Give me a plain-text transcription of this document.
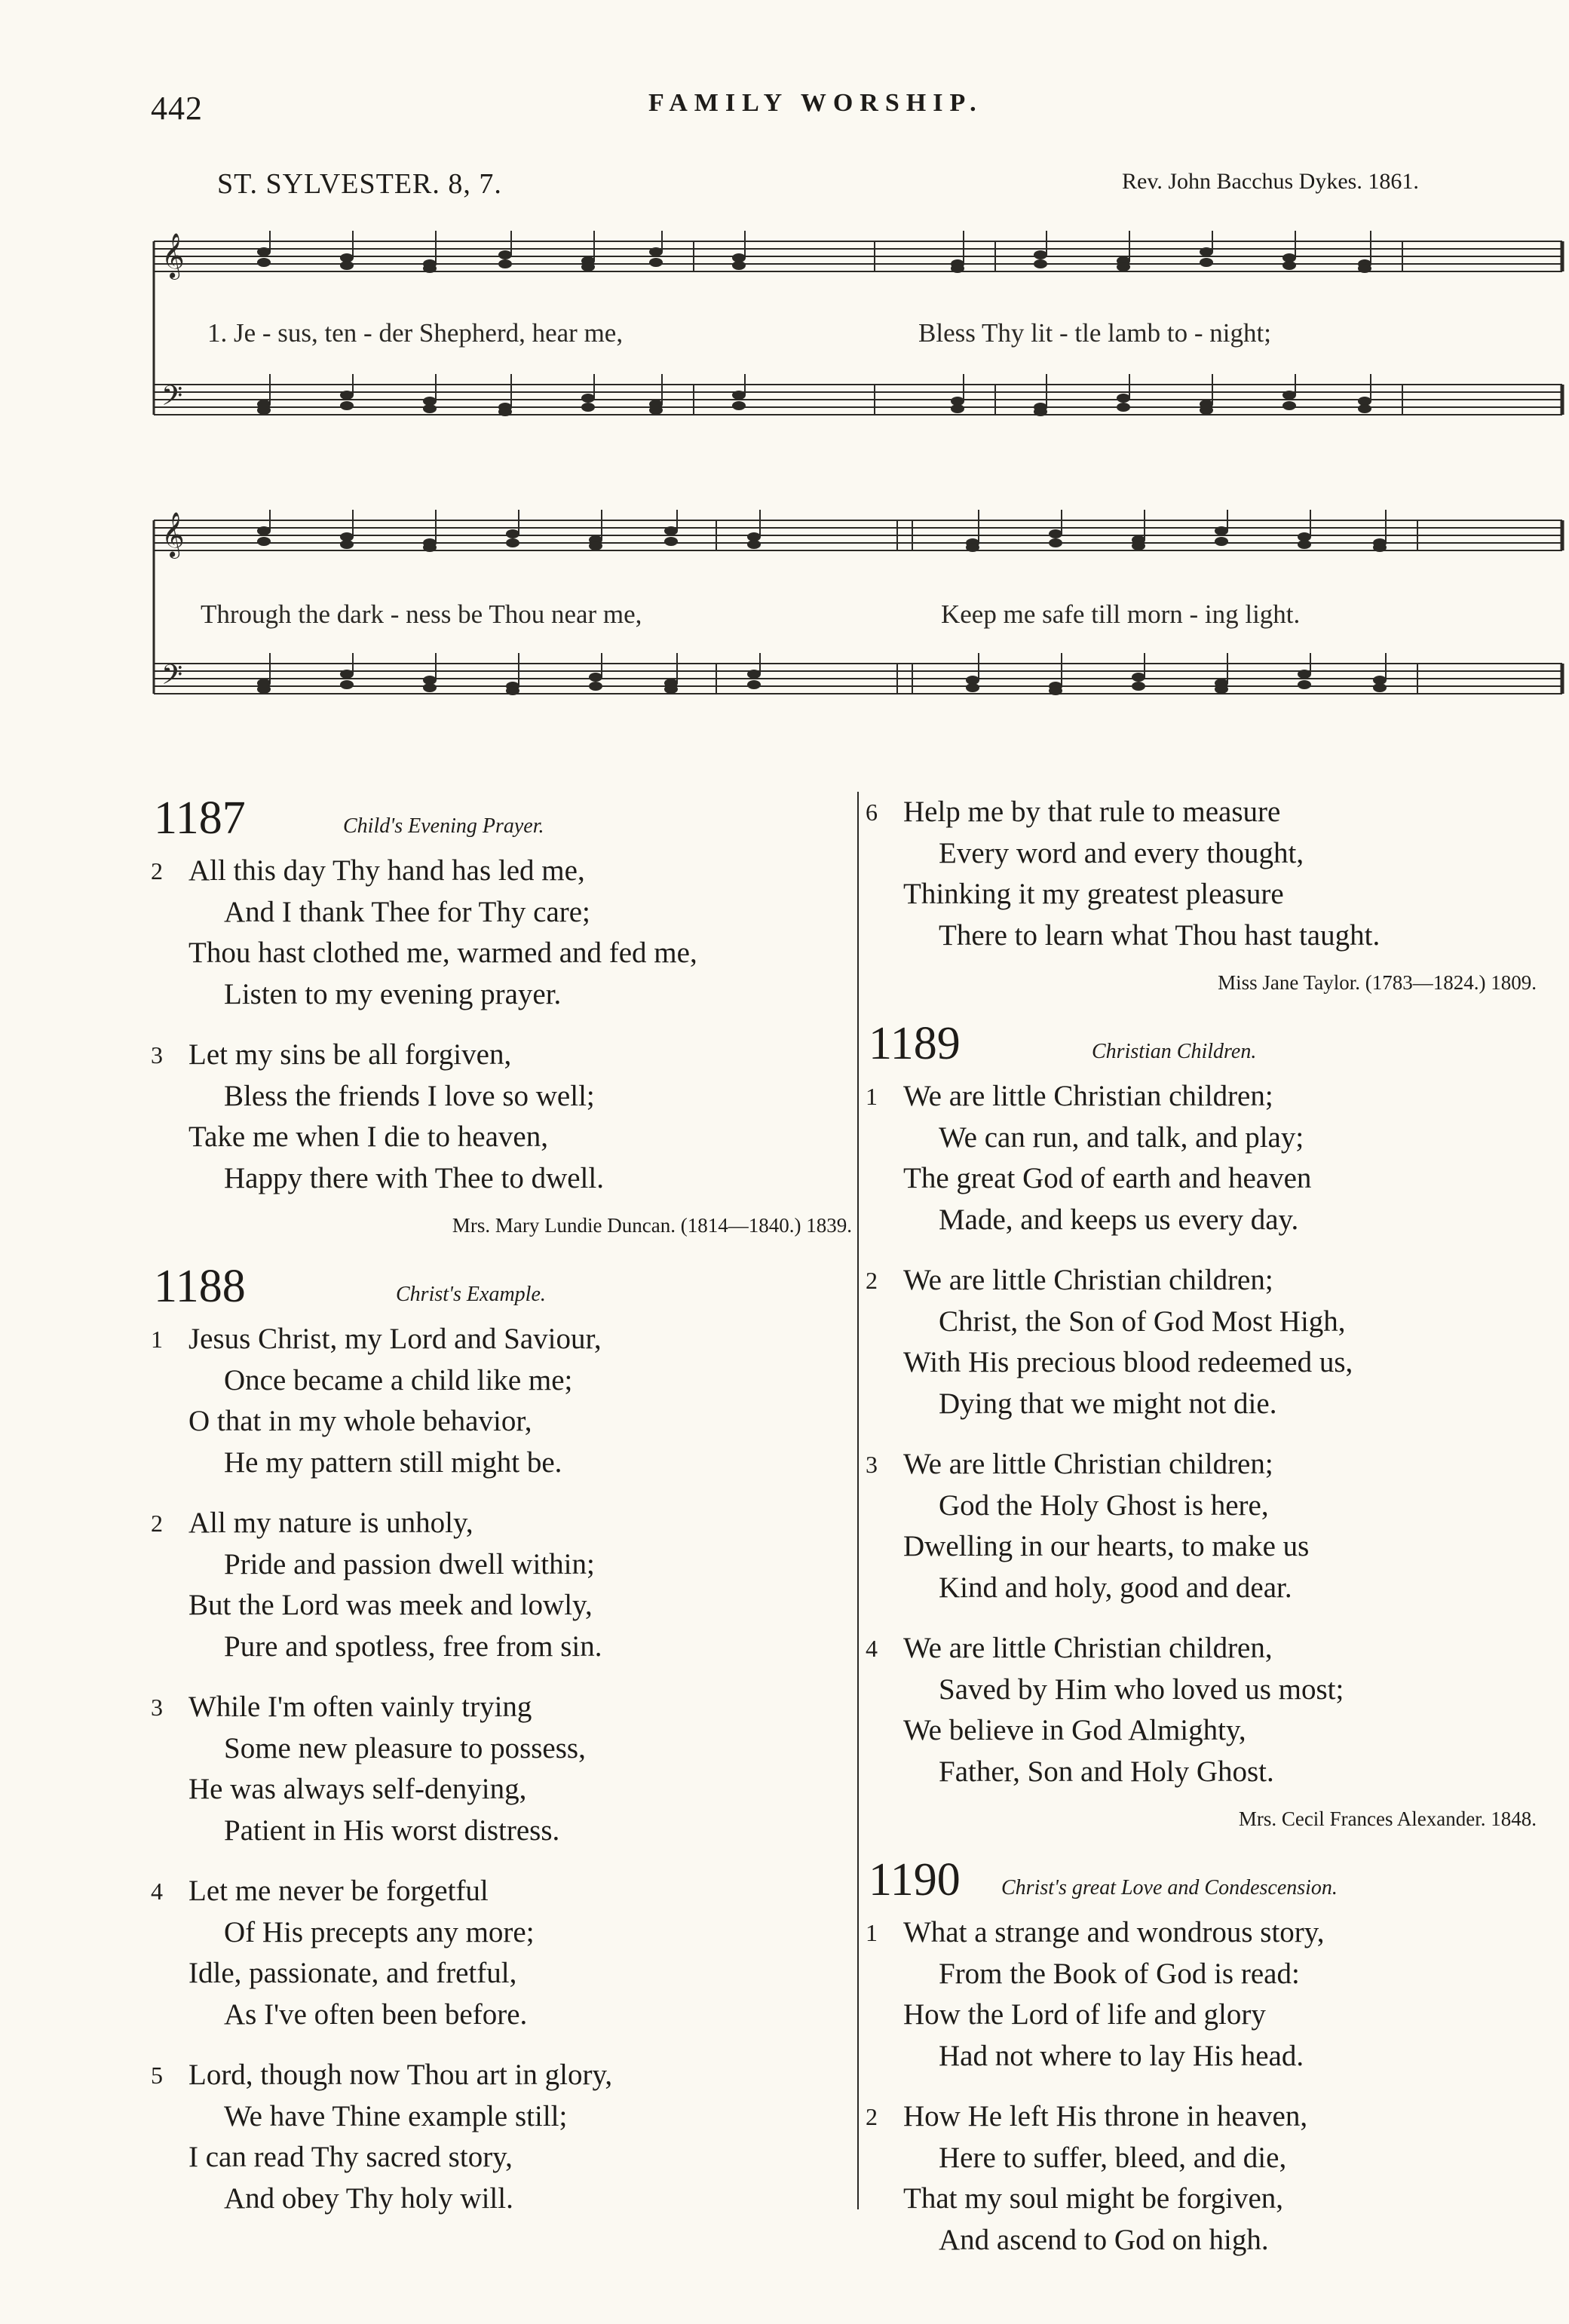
442	FAMILY WORSHIP.
ST. SYLVESTER. 8, 7.	Rev. John Bacchus Dykes. 1861.
𝄞
𝄢
1. Je - sus, ten - der Shepherd, hear me,	Bless Thy lit - tle lamb to - night;
𝄞
𝄢
Through the dark - ness be Thou near me,	Keep me safe till morn - ing light.
1187	Child's Evening Prayer.
2 All this day Thy hand has led me,
And I thank Thee for Thy care;
Thou hast clothed me, warmed and fed me,
Listen to my evening prayer.
3 Let my sins be all forgiven,
Bless the friends I love so well;
Take me when I die to heaven,
Happy there with Thee to dwell.
Mrs. Mary Lundie Duncan. (1814—1840.) 1839.
1188	Christ's Example.
1 Jesus Christ, my Lord and Saviour,
Once became a child like me;
O that in my whole behavior,
He my pattern still might be.
2 All my nature is unholy,
Pride and passion dwell within;
But the Lord was meek and lowly,
Pure and spotless, free from sin.
3 While I'm often vainly trying
Some new pleasure to possess,
He was always self-denying,
Patient in His worst distress.
4 Let me never be forgetful
Of His precepts any more;
Idle, passionate, and fretful,
As I've often been before.
5 Lord, though now Thou art in glory,
We have Thine example still;
I can read Thy sacred story,
And obey Thy holy will.
6 Help me by that rule to measure
Every word and every thought,
Thinking it my greatest pleasure
There to learn what Thou hast taught.
Miss Jane Taylor. (1783—1824.) 1809.
1189	Christian Children.
1 We are little Christian children;
We can run, and talk, and play;
The great God of earth and heaven
Made, and keeps us every day.
2 We are little Christian children;
Christ, the Son of God Most High,
With His precious blood redeemed us,
Dying that we might not die.
3 We are little Christian children;
God the Holy Ghost is here,
Dwelling in our hearts, to make us
Kind and holy, good and dear.
4 We are little Christian children,
Saved by Him who loved us most;
We believe in God Almighty,
Father, Son and Holy Ghost.
Mrs. Cecil Frances Alexander. 1848.
1190 Christ's great Love and Condescension.
1 What a strange and wondrous story,
From the Book of God is read:
How the Lord of life and glory
Had not where to lay His head.
2 How He left His throne in heaven,
Here to suffer, bleed, and die,
That my soul might be forgiven,
And ascend to God on high.
